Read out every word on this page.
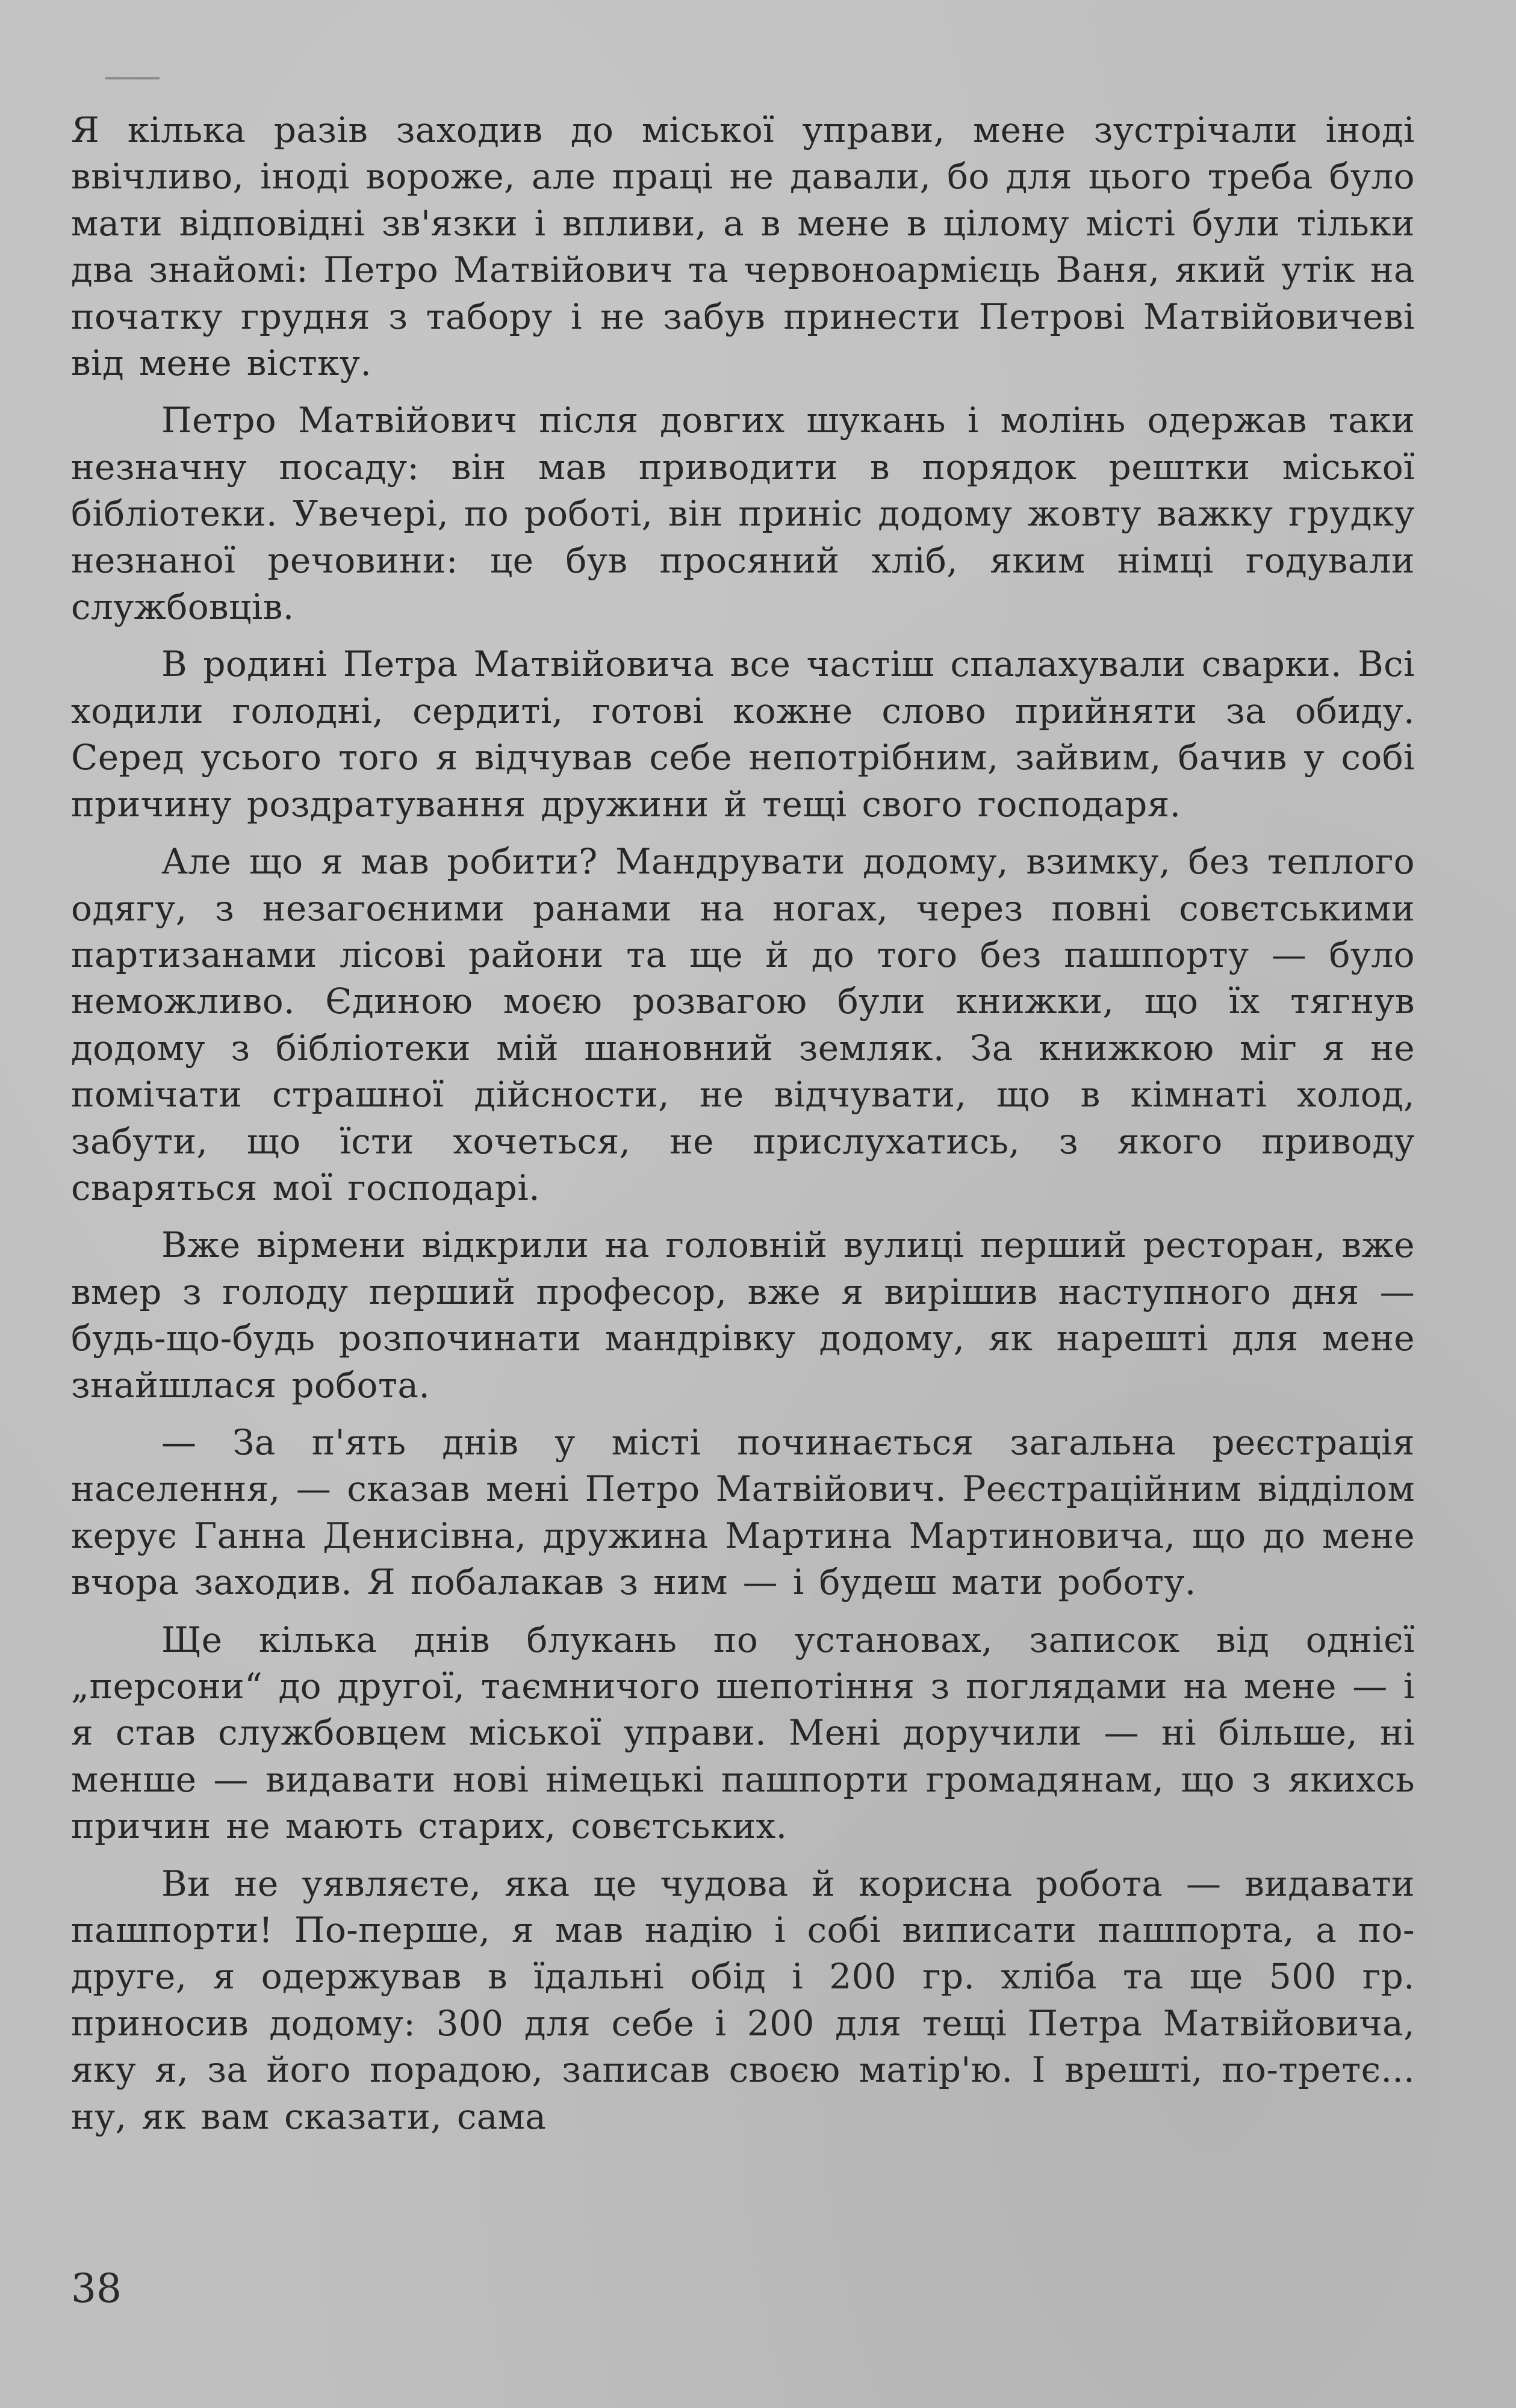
Я кілька разів заходив до міської управи, мене зустрічали іноді ввічливо, іноді вороже, але праці не давали, бо для цього треба було мати відповідні зв'язки і впливи, а в мене в цілому місті були тільки два знайомі: Петро Матвійович та червоноармієць Ваня, який утік на початку грудня з табору і не забув принести Петрові Матвійовичеві від мене вістку.

Петро Матвійович після довгих шукань і молінь одержав таки незначну посаду: він мав приводити в порядок рештки міської бібліотеки. Увечері, по роботі, він приніс додому жовту важку грудку незнаної речовини: це був просяний хліб, яким німці годували службовців.

В родині Петра Матвійовича все частіш спалахували сварки. Всі ходили голодні, сердиті, готові кожне слово прийняти за обиду. Серед усього того я відчував себе непотрібним, зайвим, бачив у собі причину роздратування дружини й тещі свого господаря.

Але що я мав робити? Мандрувати додому, взимку, без теплого одягу, з незагоєними ранами на ногах, через повні совєтськими партизанами лісові райони та ще й до того без пашпорту — було неможливо. Єдиною моєю розвагою були книжки, що їх тягнув додому з бібліотеки мій шановний земляк. За книжкою міг я не помічати страшної дійсности, не відчувати, що в кімнаті холод, забути, що їсти хочеться, не прислухатись, з якого приводу сваряться мої господарі.

Вже вірмени відкрили на головній вулиці перший ресторан, вже вмер з голоду перший професор, вже я вирішив наступного дня — будь-що-будь розпочинати мандрівку додому, як нарешті для мене знайшлася робота.

— За п'ять днів у місті починається загальна реєстрація населення, — сказав мені Петро Матвійович. Реєстраційним відділом керує Ганна Денисівна, дружина Мартина Мартиновича, що до мене вчора заходив. Я побалакав з ним — і будеш мати роботу.

Ще кілька днів блукань по установах, записок від однієї „персони“ до другої, таємничого шепотіння з поглядами на мене — і я став службовцем міської управи. Мені доручили — ні більше, ні менше — видавати нові німецькі пашпорти громадянам, що з якихсь причин не мають старих, совєтських.

Ви не уявляєте, яка це чудова й корисна робота — видавати пашпорти! По-перше, я мав надію і собі виписати пашпорта, а по-друге, я одержував в їдальні обід і 200 гр. хліба та ще 500 гр. приносив додому: 300 для себе і 200 для тещі Петра Матвійовича, яку я, за його порадою, записав своєю матір'ю. І врешті, по-третє... ну, як вам сказати, сама

38
